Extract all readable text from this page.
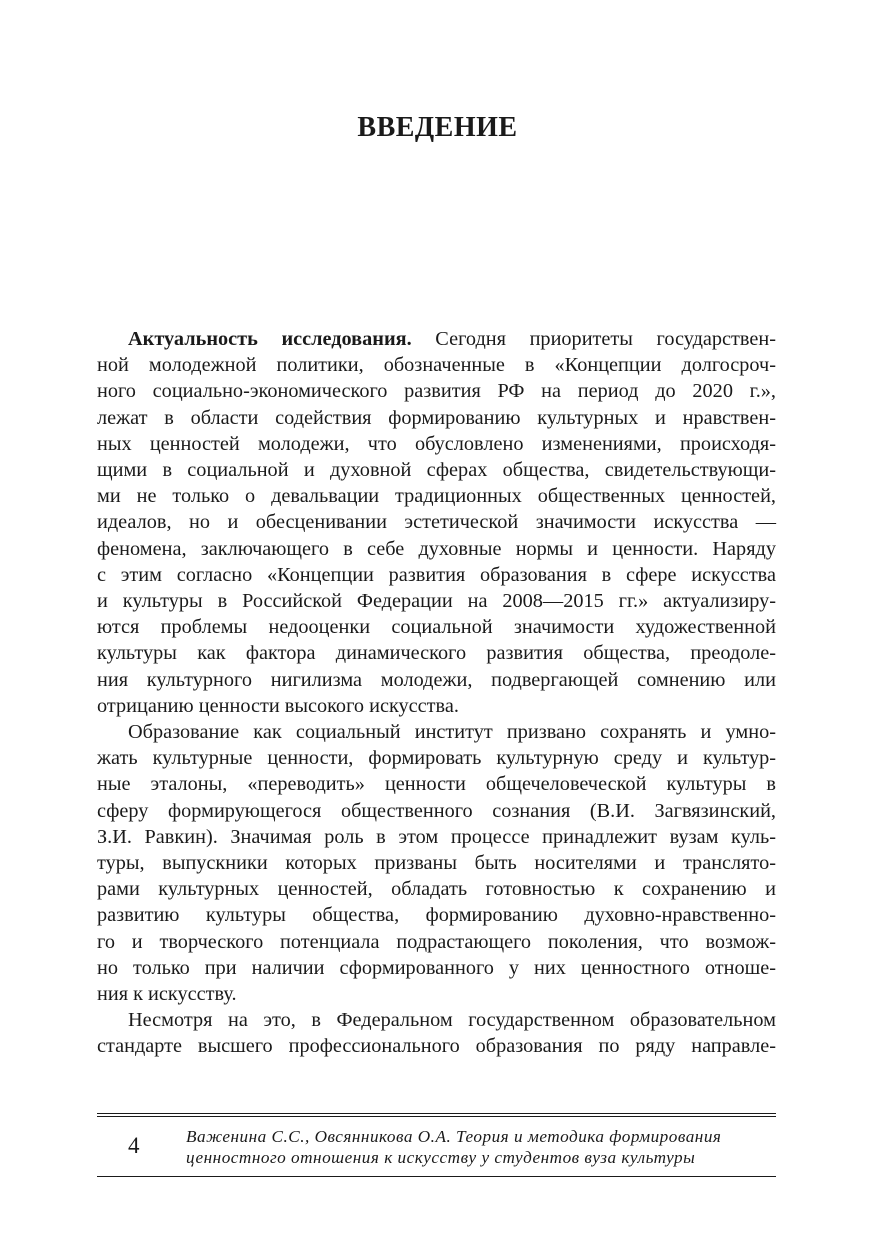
ВВЕДЕНИЕ
Актуальность исследования. Сегодня приоритеты государствен-
ной молодежной политики, обозначенные в «Концепции долгосроч-
ного социально-экономического развития РФ на период до 2020 г.»,
лежат в области содействия формированию культурных и нравствен-
ных ценностей молодежи, что обусловлено изменениями, происходя-
щими в социальной и духовной сферах общества, свидетельствующи-
ми не только о девальвации традиционных общественных ценностей,
идеалов, но и обесценивании эстетической значимости искусства —
феномена, заключающего в себе духовные нормы и ценности. Наряду
с этим согласно «Концепции развития образования в сфере искусства
и культуры в Российской Федерации на 2008—2015 гг.» актуализиру-
ются проблемы недооценки социальной значимости художественной
культуры как фактора динамического развития общества, преодоле-
ния культурного нигилизма молодежи, подвергающей сомнению или
отрицанию ценности высокого искусства.
Образование как социальный институт призвано сохранять и умно-
жать культурные ценности, формировать культурную среду и культур-
ные эталоны, «переводить» ценности общечеловеческой культуры в
сферу формирующегося общественного сознания (В.И. Загвязинский,
З.И. Равкин). Значимая роль в этом процессе принадлежит вузам куль-
туры, выпускники которых призваны быть носителями и транслято-
рами культурных ценностей, обладать готовностью к сохранению и
развитию культуры общества, формированию духовно-нравственно-
го и творческого потенциала подрастающего поколения, что возмож-
но только при наличии сформированного у них ценностного отноше-
ния к искусству.
Несмотря на это, в Федеральном государственном образовательном
стандарте высшего профессионального образования по ряду направле-
4	Важенина С.С., Овсянникова О.А. Теория и методика формирования
ценностного отношения к искусству у студентов вуза культуры
